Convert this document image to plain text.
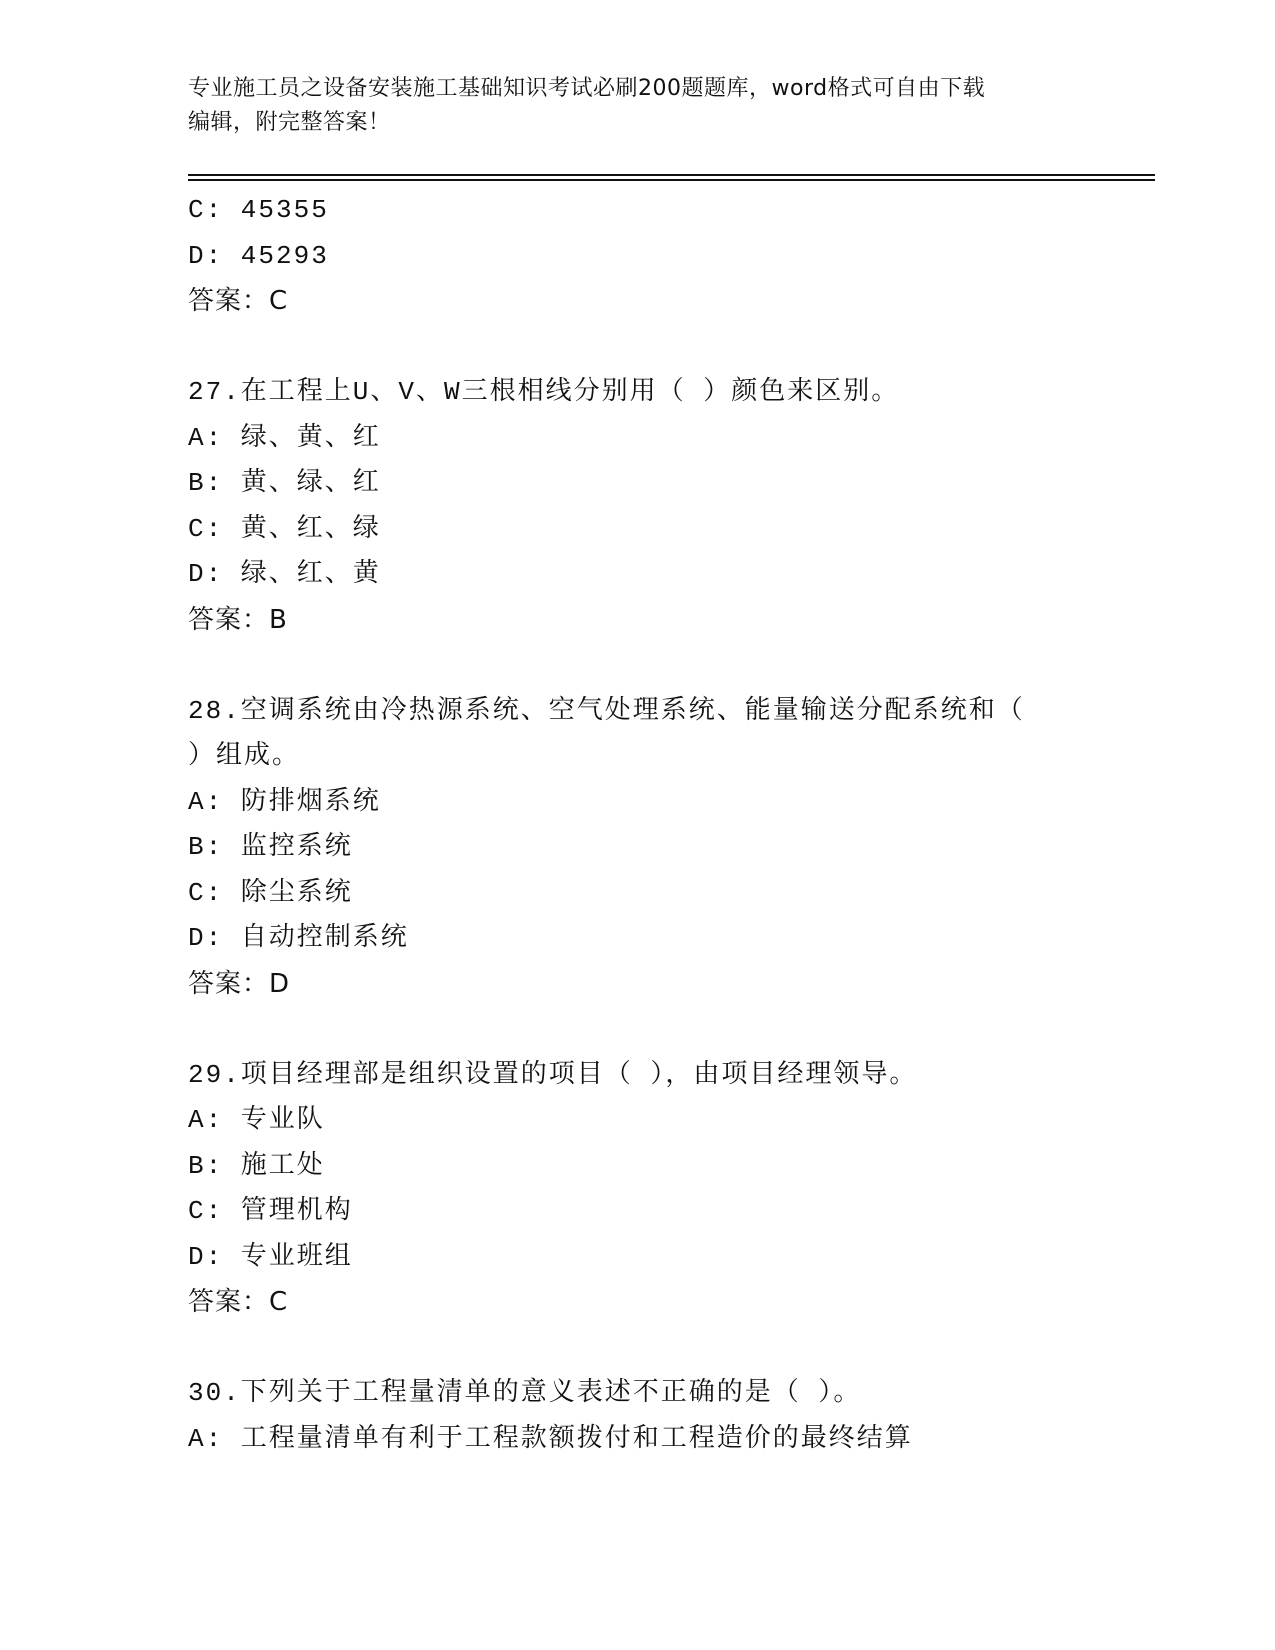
专业施工员之设备安装施工基础知识考试必刷200题题库，word格式可自由下载
编辑，附完整答案！
C: 45355
D: 45293
答案：C
27.在工程上U、V、W三根相线分别用（ ）颜色来区别。
A: 绿、黄、红
B: 黄、绿、红
C: 黄、红、绿
D: 绿、红、黄
答案：B
28.空调系统由冷热源系统、空气处理系统、能量输送分配系统和（
）组成。
A: 防排烟系统
B: 监控系统
C: 除尘系统
D: 自动控制系统
答案：D
29.项目经理部是组织设置的项目（ ），由项目经理领导。
A: 专业队
B: 施工处
C: 管理机构
D: 专业班组
答案：C
30.下列关于工程量清单的意义表述不正确的是（ ）。
A: 工程量清单有利于工程款额拨付和工程造价的最终结算
